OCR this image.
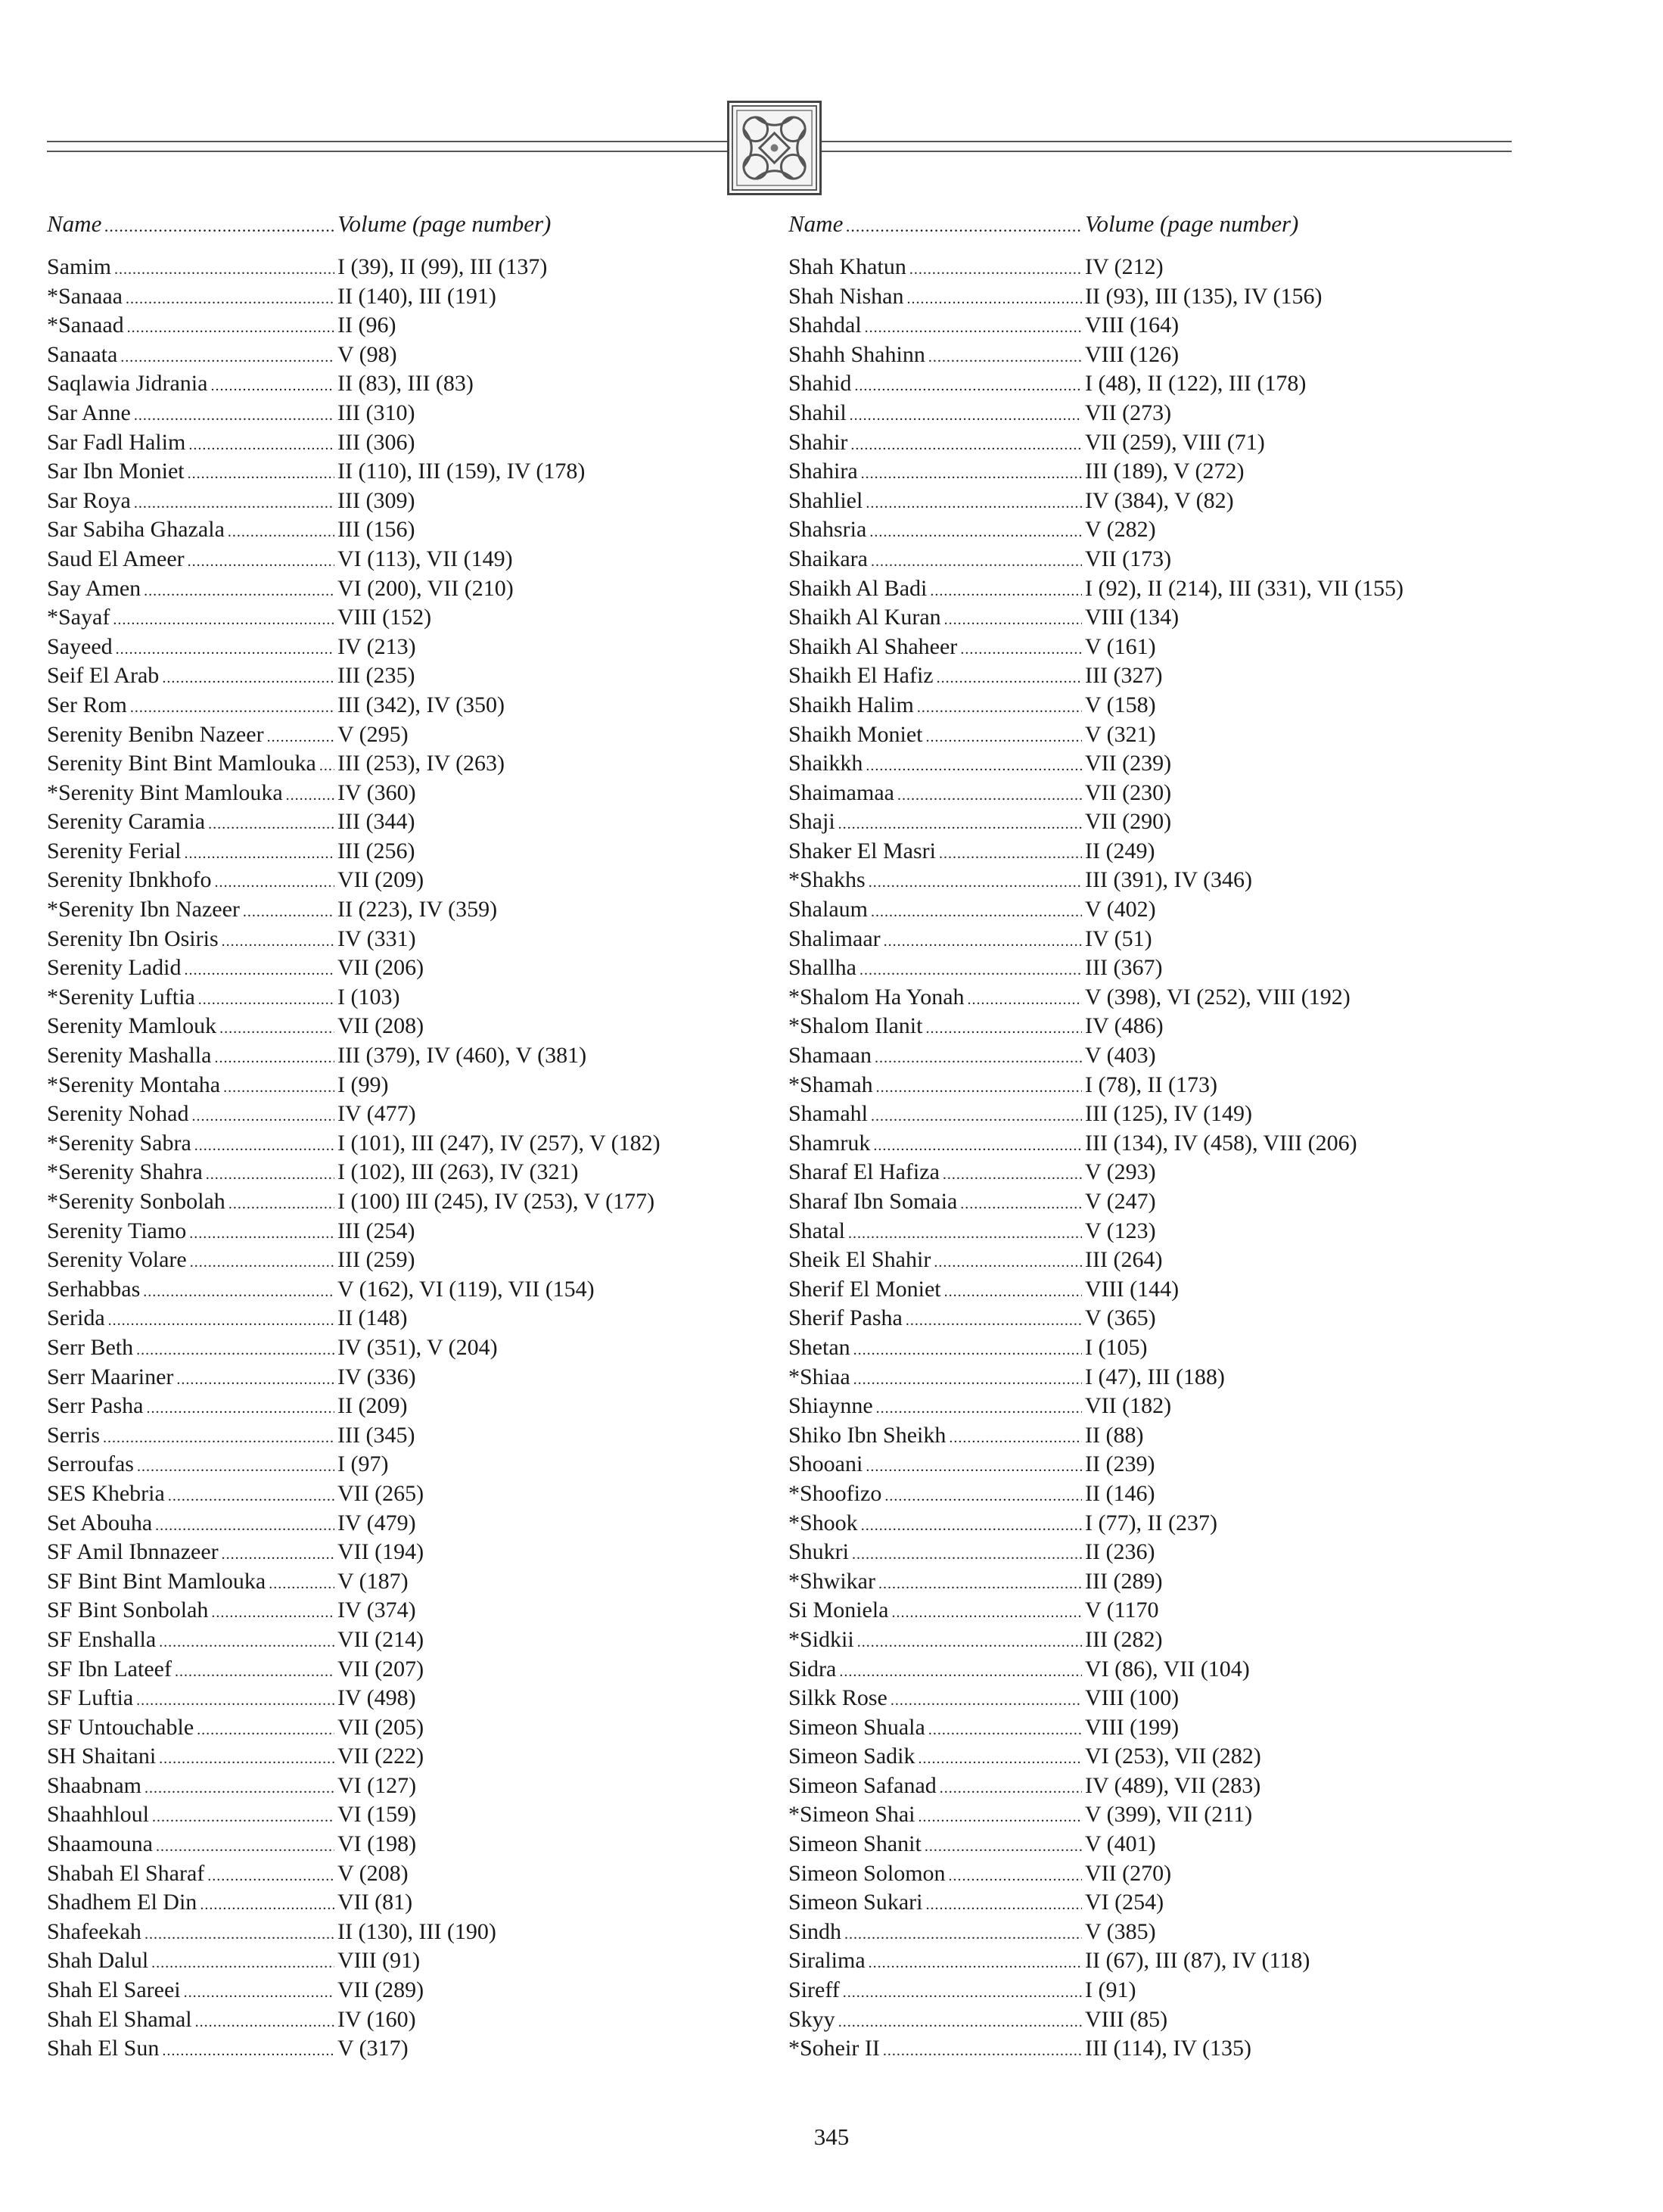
Name .....	Volume (page number)
Samim .....	I (39), II (99), III (137)
*Sanaaa .....	II (140), III (191)
*Sanaad .....	II (96)
Sanaata .....	V (98)
Saqlawia Jidrania .....	II (83), III (83)
Sar Anne .....	III (310)
Sar Fadl Halim .....	III (306)
Sar Ibn Moniet .....	II (110), III (159), IV (178)
Sar Roya .....	III (309)
Sar Sabiha Ghazala .....	III (156)
Saud El Ameer .....	VI (113), VII (149)
Say Amen .....	VI (200), VII (210)
*Sayaf .....	VIII (152)
Sayeed .....	IV (213)
Seif El Arab .....	III (235)
Ser Rom .....	III (342), IV (350)
Serenity Benibn Nazeer .....	V (295)
Serenity Bint Bint Mamlouka ..... III (253), IV (263)
*Serenity Bint Mamlouka ..... IV (360)
Serenity Caramia .....	III (344)
Serenity Ferial .....	III (256)
Serenity Ibnkhofo .....	VII (209)
*Serenity Ibn Nazeer .....	II (223), IV (359)
Serenity Ibn Osiris .....	IV (331)
Serenity Ladid .....	VII (206)
*Serenity Luftia .....	I (103)
Serenity Mamlouk .....	VII (208)
Serenity Mashalla .....	III (379), IV (460), V (381)
*Serenity Montaha .....	I (99)
Serenity Nohad .....	IV (477)
*Serenity Sabra .....	I (101), III (247), IV (257), V (182)
*Serenity Shahra .....	I (102), III (263), IV (321)
*Serenity Sonbolah .....	I (100) III (245), IV (253), V (177)
Serenity Tiamo .....	III (254)
Serenity Volare .....	III (259)
Serhabbas .....	V (162), VI (119), VII (154)
Serida .....	II (148)
Serr Beth .....	IV (351), V (204)
Serr Maariner .....	IV (336)
Serr Pasha .....	II (209)
Serris .....	III (345)
Serroufas .....	I (97)
SES Khebria .....	VII (265)
Set Abouha .....	IV (479)
SF Amil Ibnnazeer .....	VII (194)
SF Bint Bint Mamlouka .....	V (187)
SF Bint Sonbolah .....	IV (374)
SF Enshalla .....	VII (214)
SF Ibn Lateef .....	VII (207)
SF Luftia .....	IV (498)
SF Untouchable .....	VII (205)
SH Shaitani .....	VII (222)
Shaabnam .....	VI (127)
Shaahhloul .....	VI (159)
Shaamouna .....	VI (198)
Shabah El Sharaf .....	V (208)
Shadhem El Din .....	VII (81)
Shafeekah .....	II (130), III (190)
Shah Dalul .....	VIII (91)
Shah El Sareei .....	VII (289)
Shah El Shamal .....	IV (160)
Shah El Sun .....	V (317)
Name .....	Volume (page number)
Shah Khatun .....	IV (212)
Shah Nishan .....	II (93), III (135), IV (156)
Shahdal .....	VIII (164)
Shahh Shahinn .....	VIII (126)
Shahid .....	I (48), II (122), III (178)
Shahil .....	VII (273)
Shahir .....	VII (259), VIII (71)
Shahira .....	III (189), V (272)
Shahliel .....	IV (384), V (82)
Shahsria .....	V (282)
Shaikara .....	VII (173)
Shaikh Al Badi .....	I (92), II (214), III (331), VII (155)
Shaikh Al Kuran .....	VIII (134)
Shaikh Al Shaheer .....	V (161)
Shaikh El Hafiz .....	III (327)
Shaikh Halim .....	V (158)
Shaikh Moniet .....	V (321)
Shaikkh .....	VII (239)
Shaimamaa .....	VII (230)
Shaji .....	VII (290)
Shaker El Masri .....	II (249)
*Shakhs .....	III (391), IV (346)
Shalaum .....	V (402)
Shalimaar .....	IV (51)
Shallha .....	III (367)
*Shalom Ha Yonah .....	V (398), VI (252), VIII (192)
*Shalom Ilanit .....	IV (486)
Shamaan .....	V (403)
*Shamah .....	I (78), II (173)
Shamahl .....	III (125), IV (149)
Shamruk .....	III (134), IV (458), VIII (206)
Sharaf El Hafiza .....	V (293)
Sharaf Ibn Somaia .....	V (247)
Shatal .....	V (123)
Sheik El Shahir .....	III (264)
Sherif El Moniet .....	VIII (144)
Sherif Pasha .....	V (365)
Shetan .....	I (105)
*Shiaa .....	I (47), III (188)
Shiaynne .....	VII (182)
Shiko Ibn Sheikh .....	II (88)
Shooani .....	II (239)
*Shoofizo .....	II (146)
*Shook .....	I (77), II (237)
Shukri .....	II (236)
*Shwikar .....	III (289)
Si Moniela .....	V (1170
*Sidkii .....	III (282)
Sidra .....	VI (86), VII (104)
Silkk Rose .....	VIII (100)
Simeon Shuala .....	VIII (199)
Simeon Sadik .....	VI (253), VII (282)
Simeon Safanad .....	IV (489), VII (283)
*Simeon Shai .....	V (399), VII (211)
Simeon Shanit .....	V (401)
Simeon Solomon .....	VII (270)
Simeon Sukari .....	VI (254)
Sindh .....	V (385)
Siralima .....	II (67), III (87), IV (118)
Sireff .....	I (91)
Skyy .....	VIII (85)
*Soheir II .....	III (114), IV (135)
345
